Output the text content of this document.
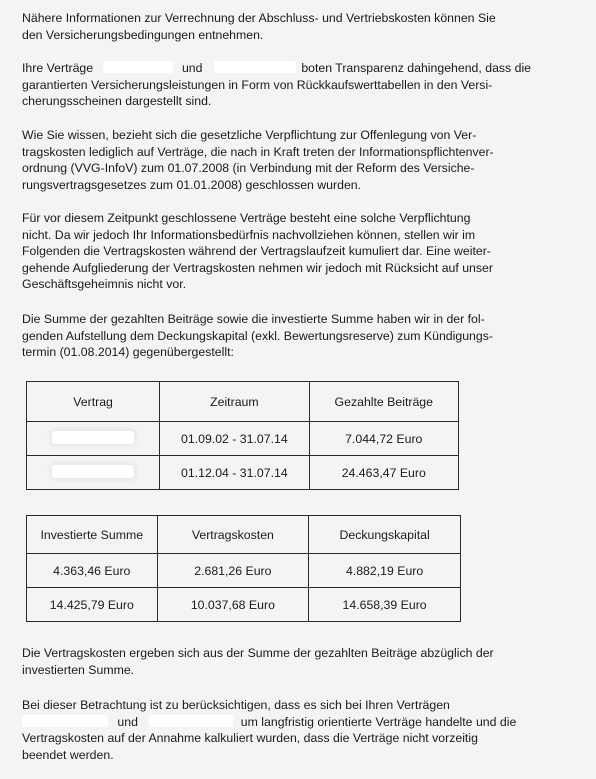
Nähere Informationen zur Verrechnung der Abschluss- und Vertriebskosten können Sie
den Versicherungsbedingungen entnehmen.

Ihre Verträge	und	boten Transparenz dahingehend, dass die
garantierten Versicherungsleistungen in Form von Rückkaufswerttabellen in den Versi-
cherungsscheinen dargestellt sind.

Wie Sie wissen, bezieht sich die gesetzliche Verpflichtung zur Offenlegung von Ver-
tragskosten lediglich auf Verträge, die nach in Kraft treten der Informationspflichtenver-
ordnung (VVG-InfoV) zum 01.07.2008 (in Verbindung mit der Reform des Versiche-
rungsvertragsgesetzes zum 01.01.2008) geschlossen wurden.

Für vor diesem Zeitpunkt geschlossene Verträge besteht eine solche Verpflichtung
nicht. Da wir jedoch Ihr Informationsbedürfnis nachvollziehen können, stellen wir im
Folgenden die Vertragskosten während der Vertragslaufzeit kumuliert dar. Eine weiter-
gehende Aufgliederung der Vertragskosten nehmen wir jedoch mit Rücksicht auf unser
Geschäftsgeheimnis nicht vor.

Die Summe der gezahlten Beiträge sowie die investierte Summe haben wir in der fol-
genden Aufstellung dem Deckungskapital (exkl. Bewertungsreserve) zum Kündigungs-
termin (01.08.2014) gegenübergestellt:

Vertrag	Zeitraum	Gezahlte Beiträge
	01.09.02 - 31.07.14	7.044,72 Euro
	01.12.04 - 31.07.14	24.463,47 Euro
Investierte Summe	Vertragskosten	Deckungskapital
4.363,46 Euro	2.681,26 Euro	4.882,19 Euro
14.425,79 Euro	10.037,68 Euro	14.658,39 Euro

Die Vertragskosten ergeben sich aus der Summe der gezahlten Beiträge abzüglich der
investierten Summe.

Bei dieser Betrachtung ist zu berücksichtigen, dass es sich bei Ihren Verträgen
und	um langfristig orientierte Verträge handelte und die
Vertragskosten auf der Annahme kalkuliert wurden, dass die Verträge nicht vorzeitig
beendet werden.
